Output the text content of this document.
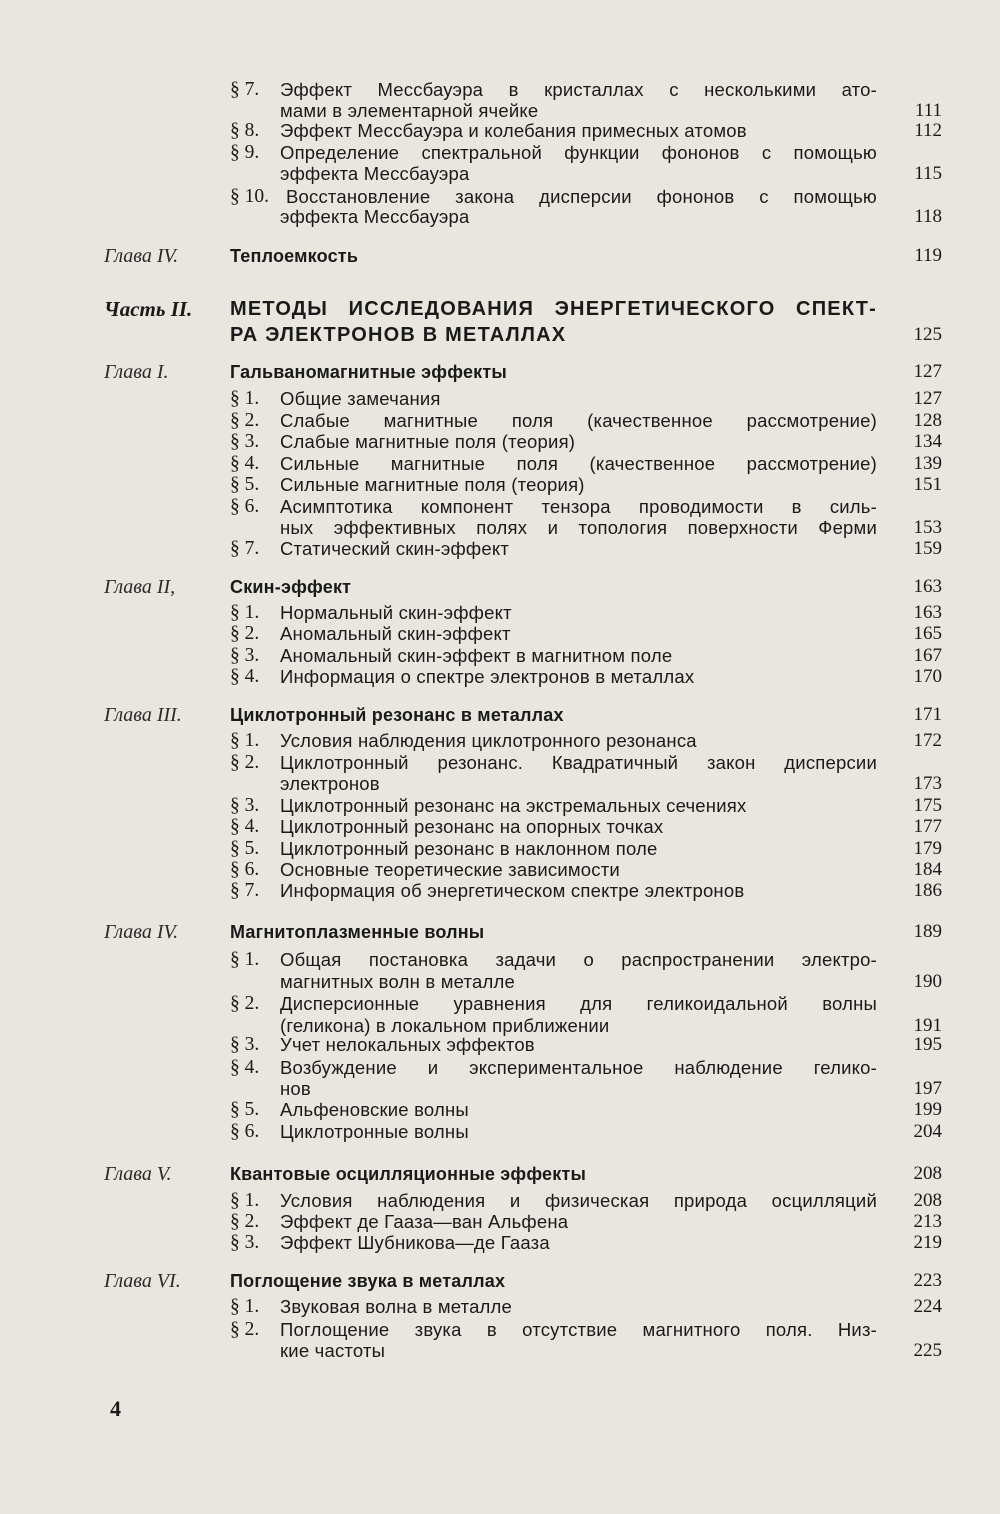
§ 7.	Эффект Мессбауэра в кристаллах с несколькими ато-
мами в элементарной ячейке	111
§ 8.	Эффект Мессбауэра и колебания примесных атомов	112
§ 9.	Определение спектральной функции фононов с помощью
эффекта Мессбауэра	115
§ 10. Восстановление закона дисперсии фононов с помощью
эффекта Мессбауэра	118
Глава IV.	Теплоемкость	119
Часть II. МЕТОДЫ ИССЛЕДОВАНИЯ ЭНЕРГЕТИЧЕСКОГО СПЕКТ-
РА ЭЛЕКТРОНОВ В МЕТАЛЛАХ	125
Глава I.	Гальваномагнитные эффекты	127
§ 1.	Общие замечания	127
§ 2.	Слабые магнитные поля (качественное рассмотрение) 128
§ 3.	Слабые магнитные поля (теория)	134
§ 4.	Сильные магнитные поля (качественное рассмотрение) 139
§ 5.	Сильные магнитные поля (теория)	151
§ 6.	Асимптотика компонент тензора проводимости в силь-
ных эффективных полях и топология поверхности Ферми 153
§ 7.	Статический скин-эффект	159
Глава II,	Скин-эффект	163
§ 1.	Нормальный скин-эффект	163
§ 2.	Аномальный скин-эффект	165
§ 3.	Аномальный скин-эффект в магнитном поле	167
§ 4.	Информация о спектре электронов в металлах	170
Глава III.	Циклотронный резонанс в металлах	171
§ 1.	Условия наблюдения циклотронного резонанса	172
§ 2.	Циклотронный резонанс. Квадратичный закон дисперсии
электронов	173
§ 3.	Циклотронный резонанс на экстремальных сечениях	175
§ 4.	Циклотронный резонанс на опорных точках	177
§ 5.	Циклотронный резонанс в наклонном поле	179
§ 6.	Основные теоретические зависимости	184
§ 7.	Информация об энергетическом спектре электронов	186
Глава IV.	Магнитоплазменные волны	189
§ 1.	Общая постановка задачи о распространении электро-
магнитных волн в металле	190
§ 2.	Дисперсионные уравнения для геликоидальной волны
(геликона) в локальном приближении	191
§ 3.	Учет нелокальных эффектов	195
§ 4.	Возбуждение и экспериментальное наблюдение гелико-
нов	197
§ 5.	Альфеновские волны	199
§ 6.	Циклотронные волны	204
Глава V.	Квантовые осцилляционные эффекты	208
§ 1.	Условия наблюдения и физическая природа осцилляций 208
§ 2.	Эффект де Гааза—ван Альфена	213
§ 3.	Эффект Шубникова—де Гааза	219
Глава VI.	Поглощение звука в металлах	223
§ 1.	Звуковая волна в металле	224
§ 2.	Поглощение звука в отсутствие магнитного поля. Низ-
кие частоты	225
4
